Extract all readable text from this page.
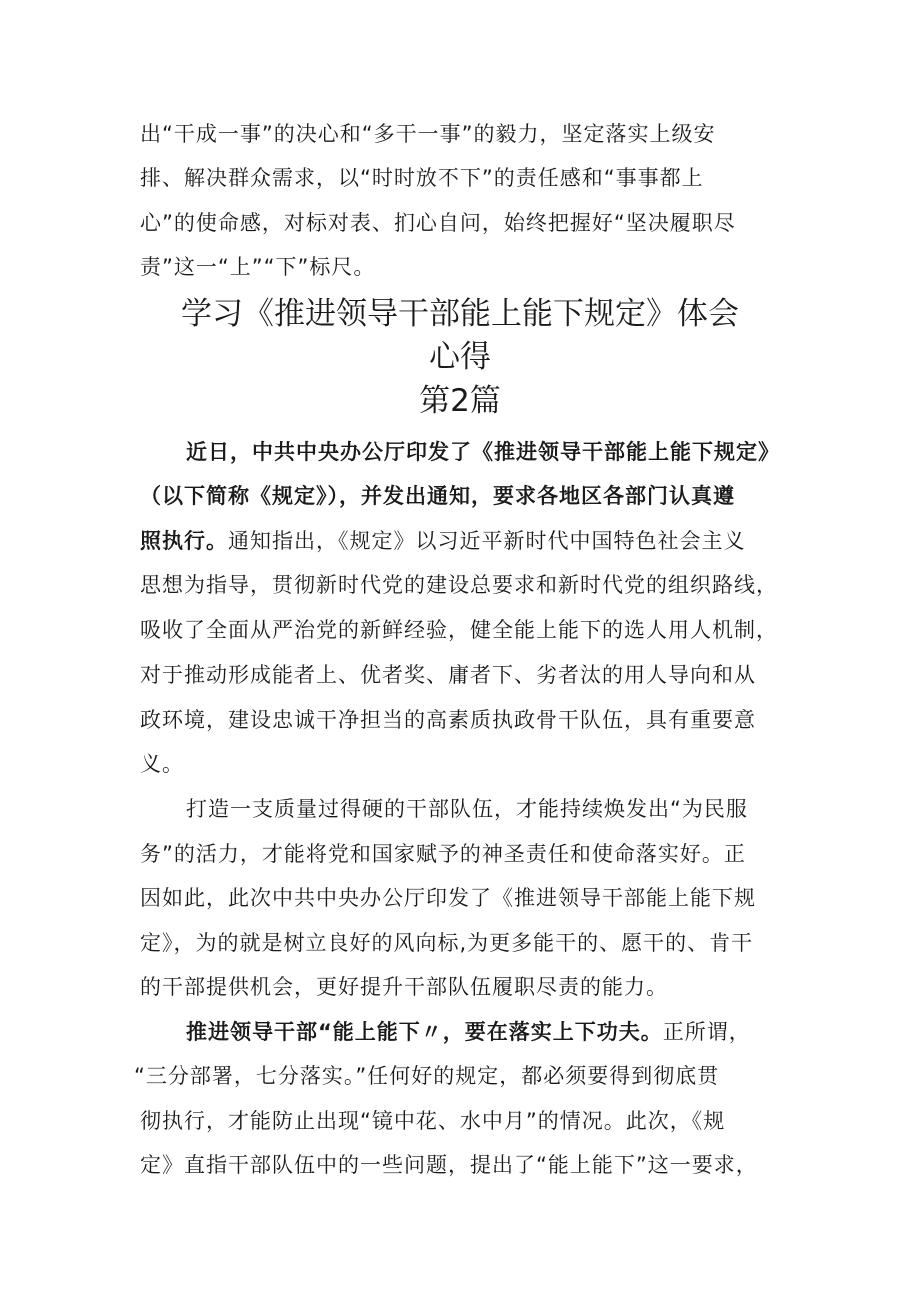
出“干成一事”的决心和“多干一事”的毅力，坚定落实上级安
排、解决群众需求，以“时时放不下”的责任感和“事事都上
心”的使命感，对标对表、扪心自问，始终把握好“坚决履职尽
责”这一“上”“下”标尺。
学习《推进领导干部能上能下规定》体会
心得
第2篇
近日，中共中央办公厅印发了《推进领导干部能上能下规定》
（以下简称《规定》），并发出通知，要求各地区各部门认真遵
照执行。通知指出，《规定》以习近平新时代中国特色社会主义
思想为指导，贯彻新时代党的建设总要求和新时代党的组织路线，
吸收了全面从严治党的新鲜经验，健全能上能下的选人用人机制，
对于推动形成能者上、优者奖、庸者下、劣者汰的用人导向和从
政环境，建设忠诚干净担当的高素质执政骨干队伍，具有重要意
义。
打造一支质量过得硬的干部队伍，才能持续焕发出“为民服
务”的活力，才能将党和国家赋予的神圣责任和使命落实好。正
因如此，此次中共中央办公厅印发了《推进领导干部能上能下规
定》，为的就是树立良好的风向标,为更多能干的、愿干的、肯干
的干部提供机会，更好提升干部队伍履职尽责的能力。
推进领导干部“能上能下〃，要在落实上下功夫。正所谓，
“三分部署，七分落实。”任何好的规定，都必须要得到彻底贯
彻执行，才能防止出现“镜中花、水中月”的情况。此次，《规
定》直指干部队伍中的一些问题，提出了“能上能下”这一要求，
